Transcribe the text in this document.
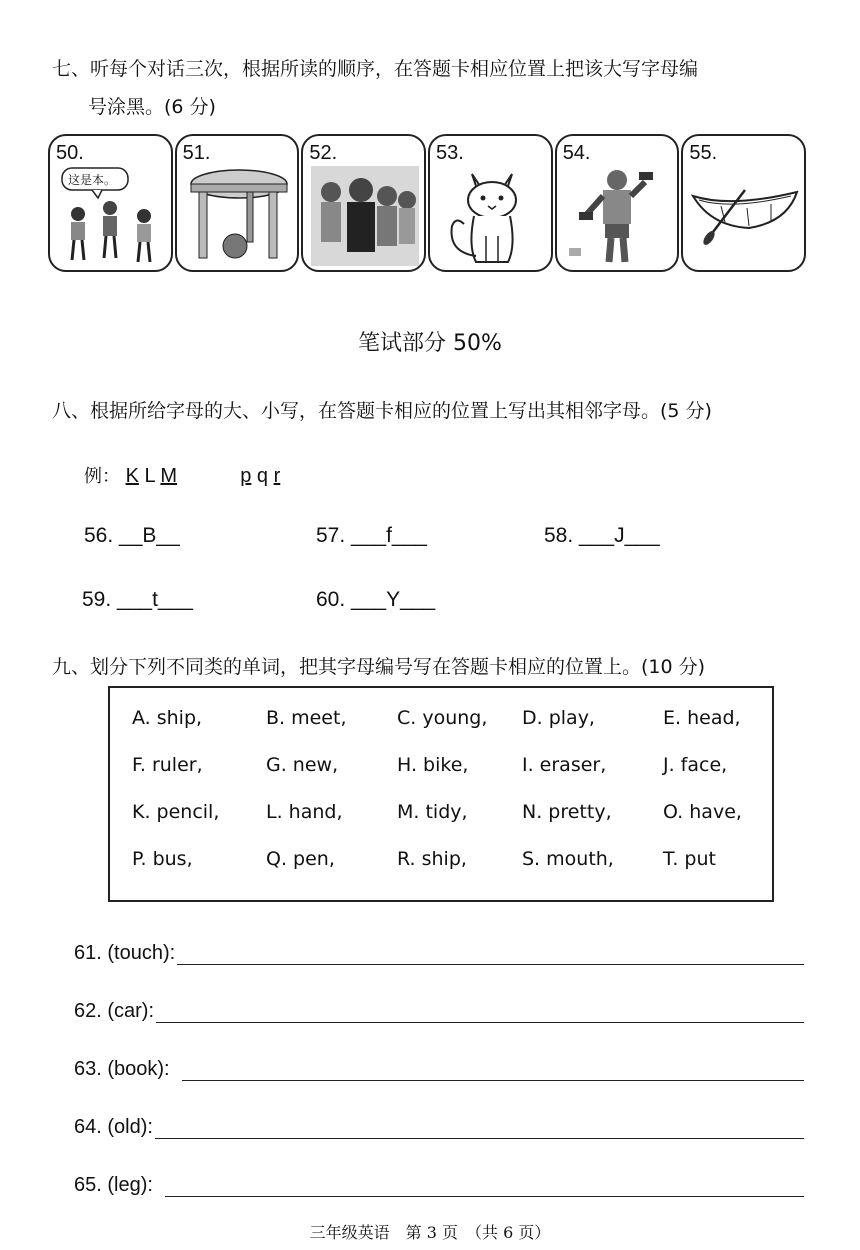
七、听每个对话三次，根据所读的顺序，在答题卡相应位置上把该大写字母编
号涂黑。(6 分)
50.
这是本。
51.	52.	53.	54.	55.
笔试部分 50%
八、根据所给字母的大、小写，在答题卡相应的位置上写出其相邻字母。(5 分)
例： K L M	p q r
56. __B__	57. ___f___	58. ___J___
59. ___t___	60. ___Y___
九、划分下列不同类的单词，把其字母编号写在答题卡相应的位置上。(10 分)
A. ship,	B. meet,	C. young,	D. play,	E. head,
F. ruler,	G. new,	H. bike,	I. eraser,	J. face,
K. pencil,	L. hand,	M. tidy,	N. pretty,	O. have,
P. bus,	Q. pen,	R. ship,	S. mouth,	T. put
61. (touch):
62. (car):
63. (book):
64. (old):
65. (leg):
三年级英语　第 3 页　（共 6 页）
